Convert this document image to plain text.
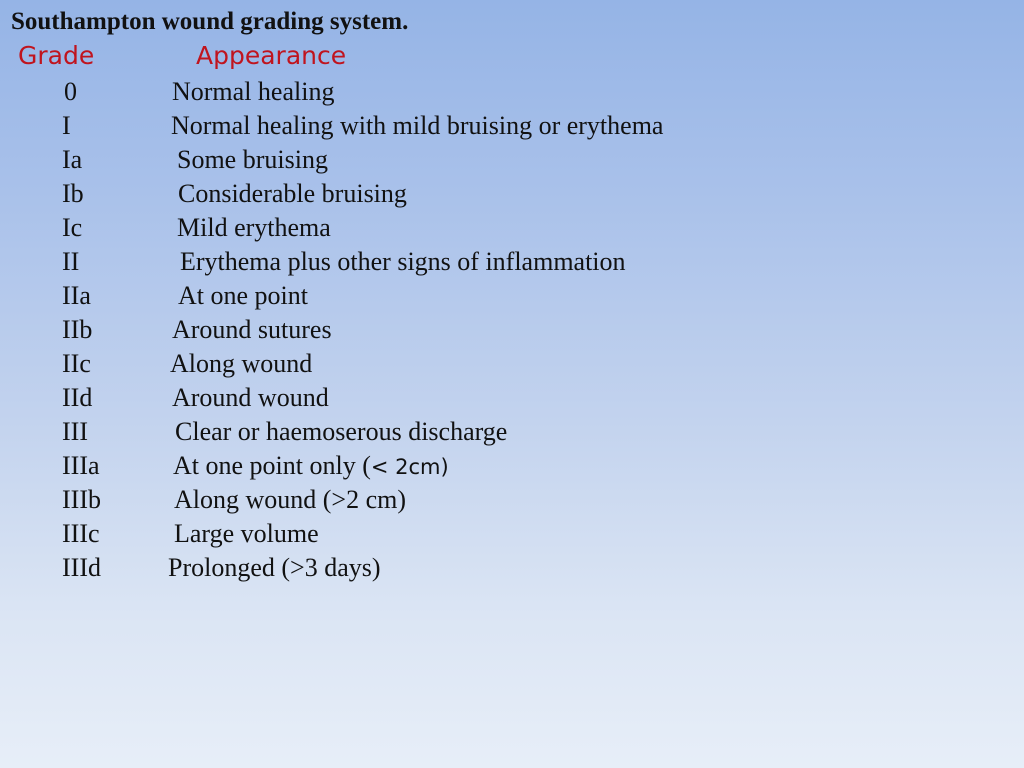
Southampton wound grading system.
Grade	Appearance
0	Normal healing
I	Normal healing with mild bruising or erythema
Ia	Some bruising
Ib	Considerable bruising
Ic	Mild erythema
II	Erythema plus other signs of inflammation
IIa	At one point
IIb	Around sutures
IIc	Along wound
IId	Around wound
III	Clear or haemoserous discharge
IIIa	At one point only (< 2cm)
IIIb	Along wound (>2 cm)
IIIc	Large volume
IIId	Prolonged (>3 days)
